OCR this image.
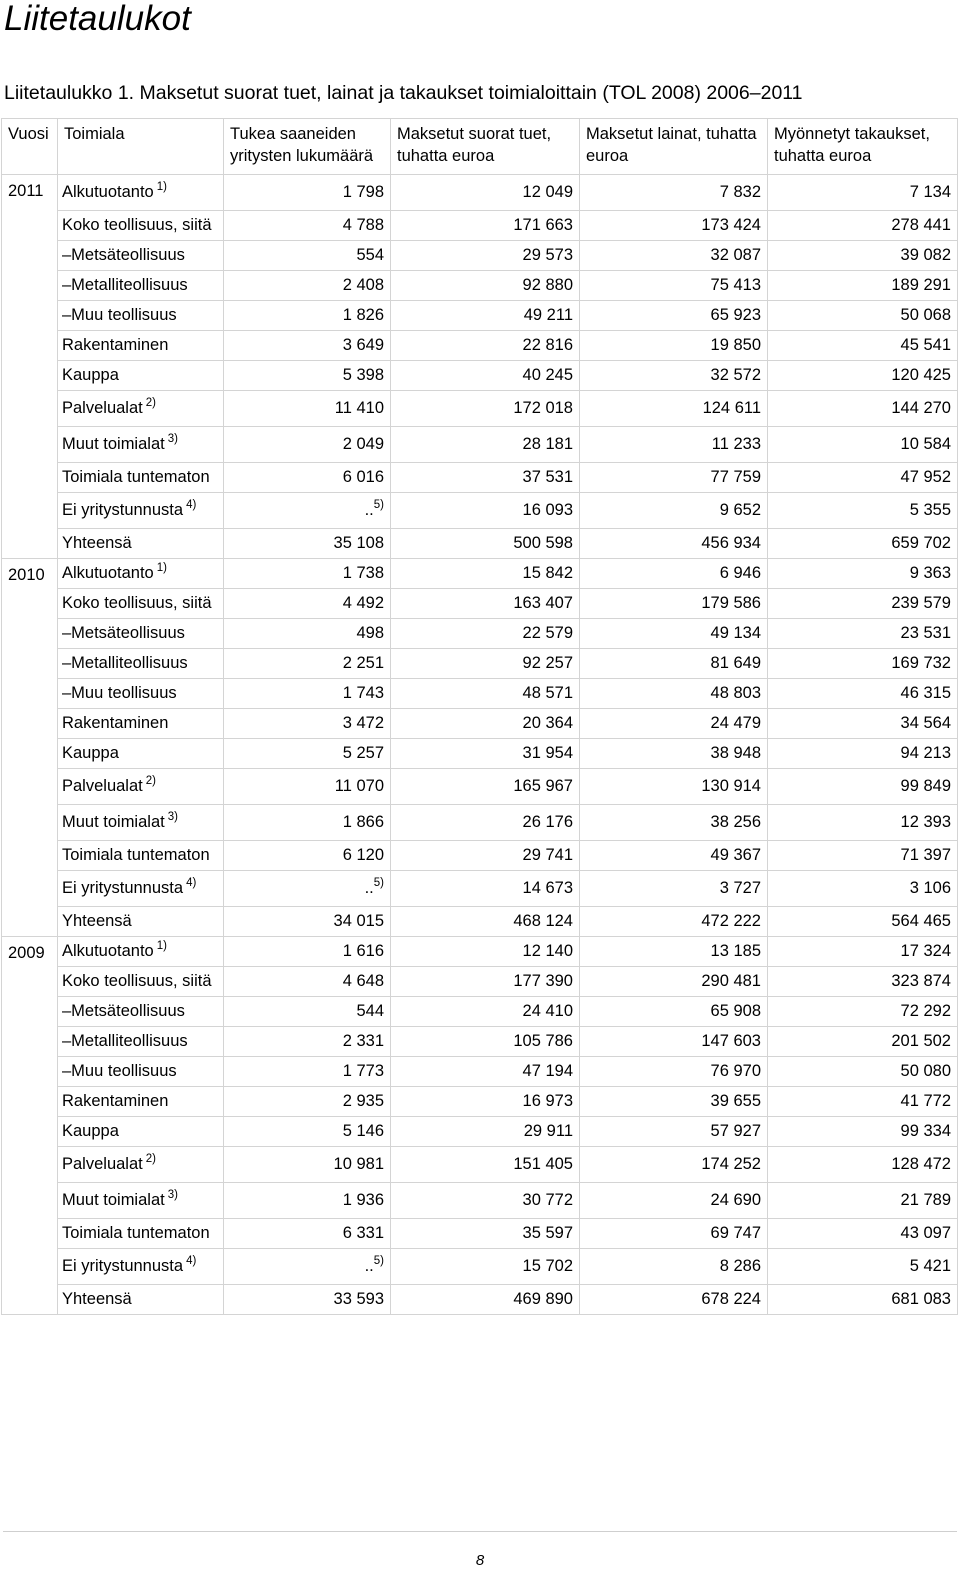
Liitetaulukot
Liitetaulukko 1. Maksetut suorat tuet, lainat ja takaukset toimialoittain (TOL 2008) 2006–2011
Vuosi	Toimiala	Tukea saaneiden yritysten lukumäärä	Maksetut suorat tuet, tuhatta euroa	Maksetut lainat, tuhatta euroa	Myönnetyt takaukset, tuhatta euroa
2011	Alkutuotanto $^{1)}$	1 798	12 049	7 832	7 134
	Koko teollisuus, siitä	4 788	171 663	173 424	278 441
	–Metsäteollisuus	554	29 573	32 087	39 082
	–Metalliteollisuus	2 408	92 880	75 413	189 291
	–Muu teollisuus	1 826	49 211	65 923	50 068
	Rakentaminen	3 649	22 816	19 850	45 541
	Kauppa	5 398	40 245	32 572	120 425
	Palvelualat $^{2)}$	11 410	172 018	124 611	144 270
	Muut toimialat $^{3)}$	2 049	28 181	11 233	10 584
	Toimiala tuntematon	6 016	37 531	77 759	47 952
	Ei yritystunnusta $^{4)}$	..$^{5)}$	16 093	9 652	5 355
	Yhteensä	35 108	500 598	456 934	659 702
2010	Alkutuotanto $^{1)}$	1 738	15 842	6 946	9 363
	Koko teollisuus, siitä	4 492	163 407	179 586	239 579
	–Metsäteollisuus	498	22 579	49 134	23 531
	–Metalliteollisuus	2 251	92 257	81 649	169 732
	–Muu teollisuus	1 743	48 571	48 803	46 315
	Rakentaminen	3 472	20 364	24 479	34 564
	Kauppa	5 257	31 954	38 948	94 213
	Palvelualat $^{2)}$	11 070	165 967	130 914	99 849
	Muut toimialat $^{3)}$	1 866	26 176	38 256	12 393
	Toimiala tuntematon	6 120	29 741	49 367	71 397
	Ei yritystunnusta $^{4)}$	..$^{5)}$	14 673	3 727	3 106
	Yhteensä	34 015	468 124	472 222	564 465
2009	Alkutuotanto $^{1)}$	1 616	12 140	13 185	17 324
	Koko teollisuus, siitä	4 648	177 390	290 481	323 874
	–Metsäteollisuus	544	24 410	65 908	72 292
	–Metalliteollisuus	2 331	105 786	147 603	201 502
	–Muu teollisuus	1 773	47 194	76 970	50 080
	Rakentaminen	2 935	16 973	39 655	41 772
	Kauppa	5 146	29 911	57 927	99 334
	Palvelualat $^{2)}$	10 981	151 405	174 252	128 472
	Muut toimialat $^{3)}$	1 936	30 772	24 690	21 789
	Toimiala tuntematon	6 331	35 597	69 747	43 097
	Ei yritystunnusta $^{4)}$	..$^{5)}$	15 702	8 286	5 421
	Yhteensä	33 593	469 890	678 224	681 083
8
